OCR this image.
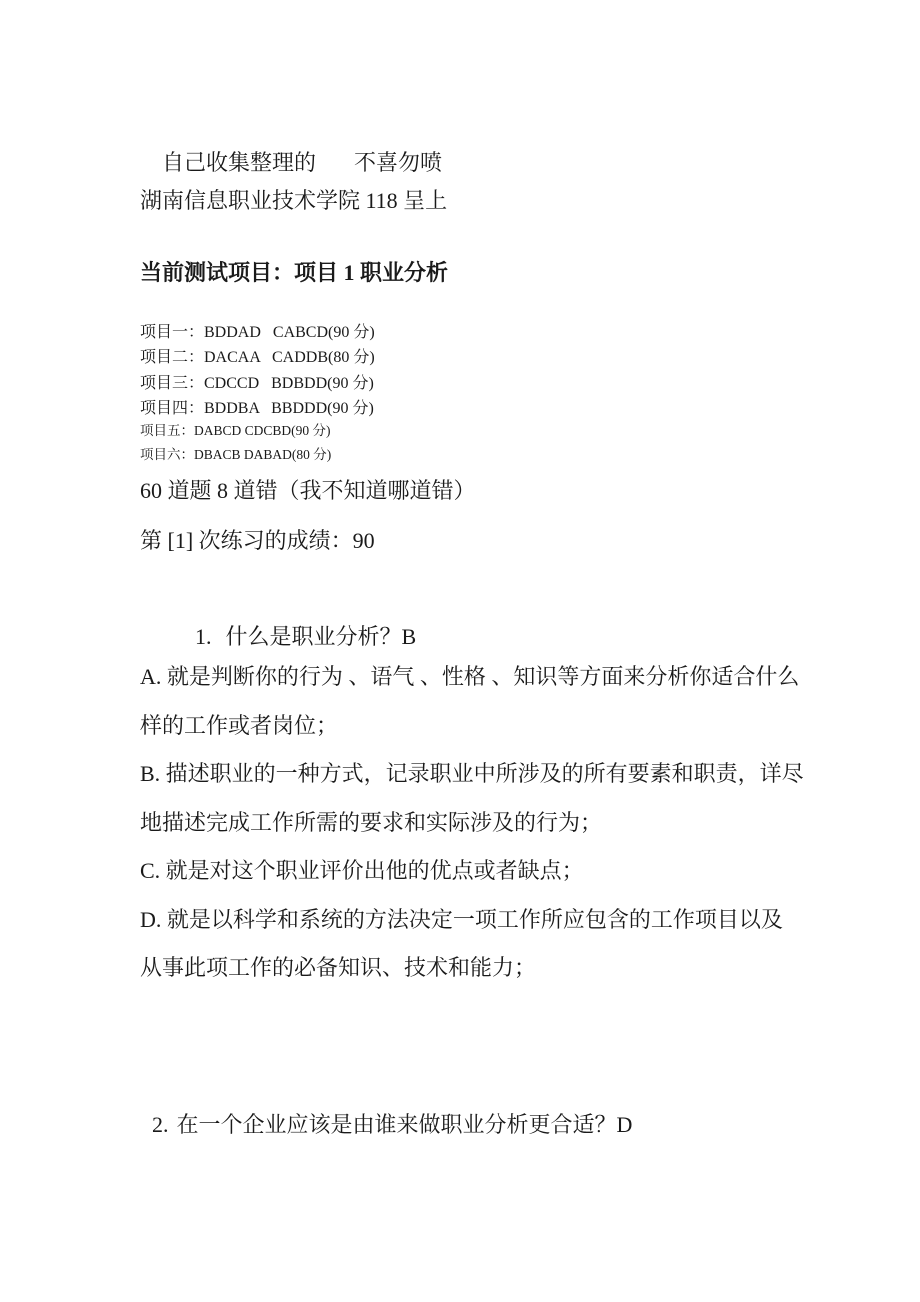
自己收集整理的 不喜勿喷

湖南信息职业技术学院 118 呈上
当前测试项目：项目 1 职业分析
项目一：BDDAD   CABCD(90 分)
项目二：DACAA   CADDB(80 分)
项目三：CDCCD   BDBDD(90 分)
项目四：BDDBA   BBDDD(90 分)
项目五：DABCD CDCBD(90 分)
项目六：DBACB DABAD(80 分)
60 道题 8 道错（我不知道哪道错）
第 [1] 次练习的成绩：90

1. 什么是职业分析？B

A. 就是判断你的行为 、语气 、性格 、知识等方面来分析你适合什么
样的工作或者岗位；
B. 描述职业的一种方式，记录职业中所涉及的所有要素和职责，详尽
地描述完成工作所需的要求和实际涉及的行为；
C. 就是对这个职业评价出他的优点或者缺点；
D. 就是以科学和系统的方法决定一项工作所应包含的工作项目以及
从事此项工作的必备知识、技术和能力；

2. 在一个企业应该是由谁来做职业分析更合适？D
